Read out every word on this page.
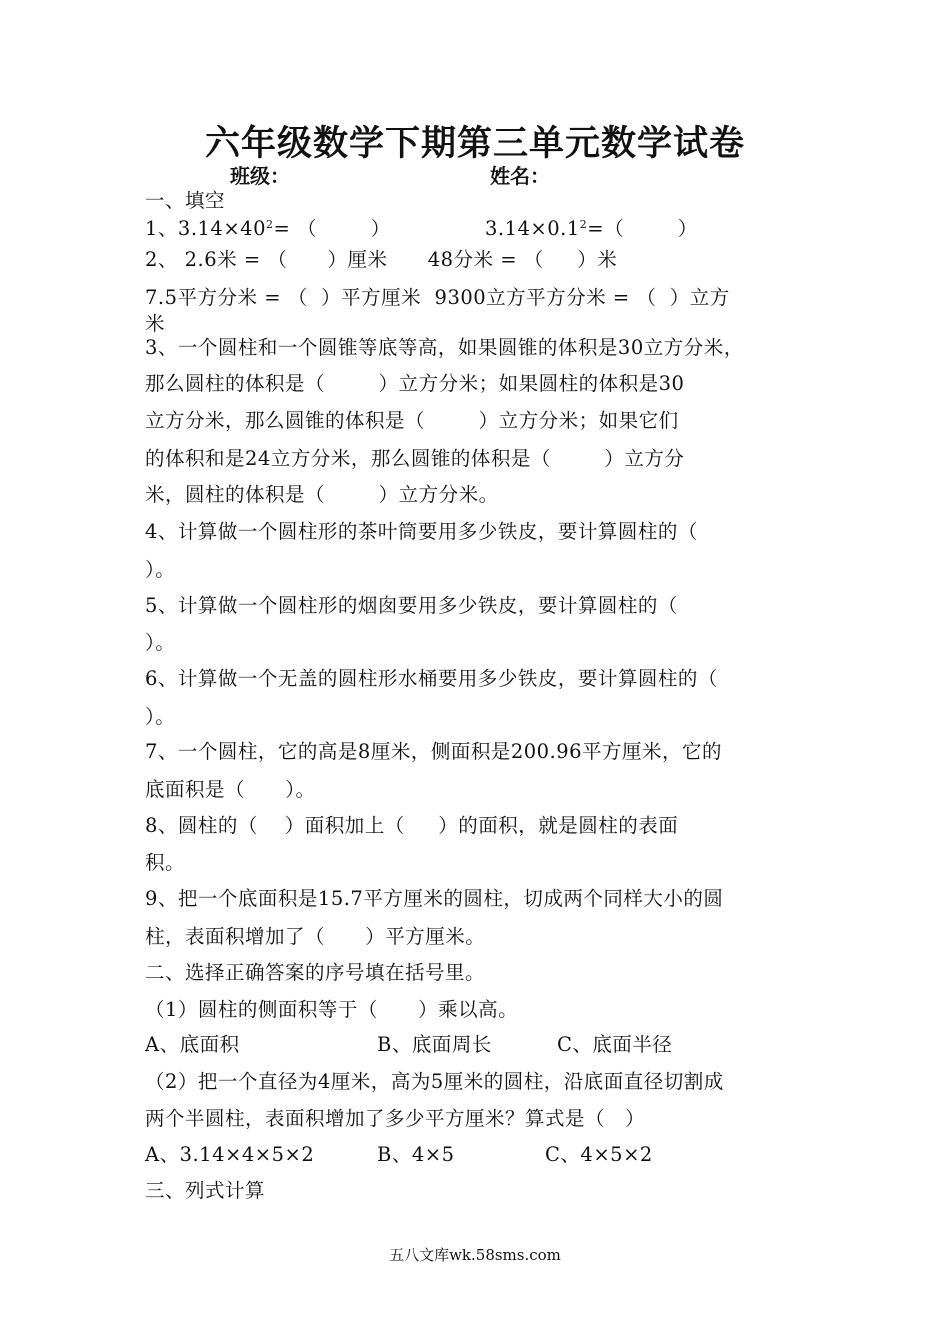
六年级数学下期第三单元数学试卷
班级：	姓名：
一、填空
1、$3.14\times 40^2=$ （        ）	$3.14\times 0.1^2=$（        ）
2、 2.6米 = （      ）厘米      48分米 = （     ）米
7.5平方分米 = （  ）平方厘米  9300立方平方分米 = （  ）立方
米
3、一个圆柱和一个圆锥等底等高，如果圆锥的体积是30立方分米，
那么圆柱的体积是（        ）立方分米；如果圆柱的体积是30
立方分米，那么圆锥的体积是（        ）立方分米；如果它们
的体积和是24立方分米，那么圆锥的体积是（        ）立方分
米，圆柱的体积是（        ）立方分米。
4、计算做一个圆柱形的茶叶筒要用多少铁皮，要计算圆柱的（
）。
5、计算做一个圆柱形的烟囱要用多少铁皮，要计算圆柱的（
）。
6、计算做一个无盖的圆柱形水桶要用多少铁皮，要计算圆柱的（
）。
7、一个圆柱，它的高是8厘米，侧面积是200.96平方厘米，它的
底面积是（      ）。
8、圆柱的（    ）面积加上（     ）的面积，就是圆柱的表面
积。
9、把一个底面积是15.7平方厘米的圆柱，切成两个同样大小的圆
柱，表面积增加了（      ）平方厘米。
二、选择正确答案的序号填在括号里。
（1）圆柱的侧面积等于（      ）乘以高。
A、底面积	B、底面周长	C、底面半径
（2）把一个直径为4厘米，高为5厘米的圆柱，沿底面直径切割成
两个半圆柱，表面积增加了多少平方厘米？算式是（   ）
A、3.14×4×5×2	B、4×5	C、4×5×2
三、列式计算
五八文库wk.58sms.com
